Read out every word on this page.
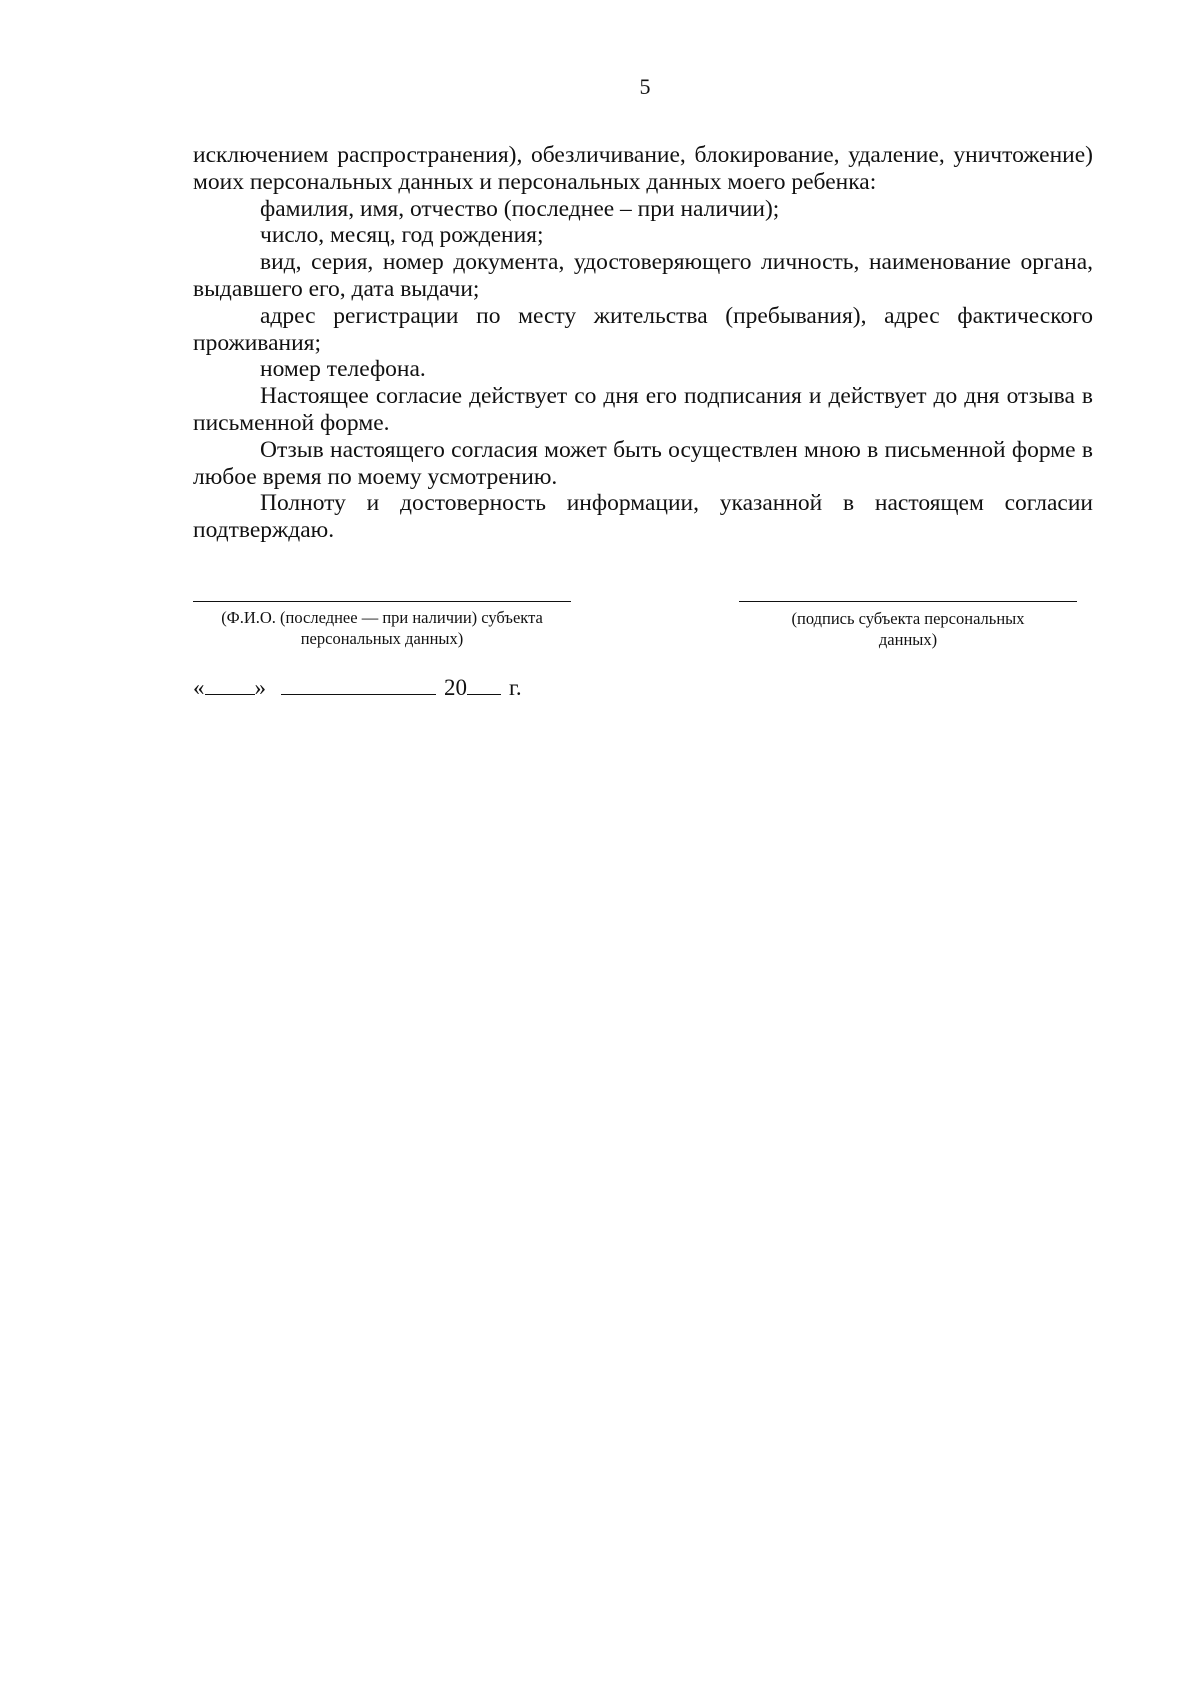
5

исключением распространения), обезличивание, блокирование, удаление, уничтожение) моих персональных данных и персональных данных моего ребенка:

фамилия, имя, отчество (последнее – при наличии);

число, месяц, год рождения;

вид, серия, номер документа, удостоверяющего личность, наименование органа, выдавшего его, дата выдачи;

адрес регистрации по месту жительства (пребывания), адрес фактического проживания;

номер телефона.

Настоящее согласие действует со дня его подписания и действует до дня отзыва в письменной форме.

Отзыв настоящего согласия может быть осуществлен мною в письменной форме в любое время по моему усмотрению.

Полноту и достоверность информации, указанной в настоящем согласии подтверждаю.

(Ф.И.О. (последнее — при наличии) субъекта
персональных данных)
(подпись субъекта персональных
данных)
« »	20 г.
